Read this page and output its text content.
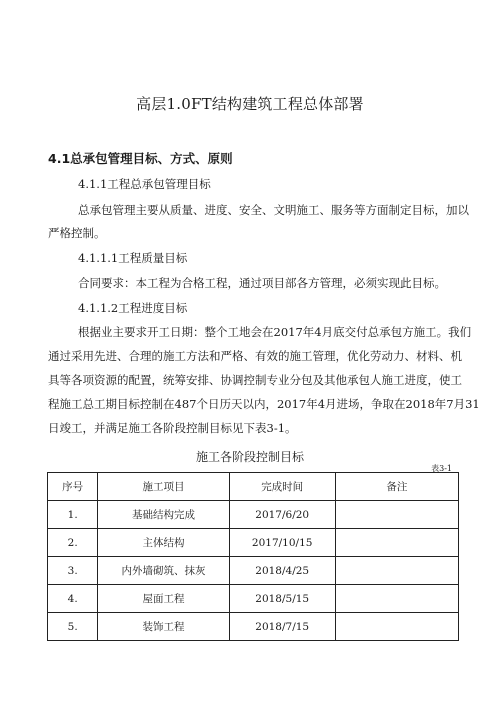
高层1.0FT结构建筑工程总体部署
4.1总承包管理目标、方式、原则
4.1.1工程总承包管理目标
总承包管理主要从质量、进度、安全、文明施工、服务等方面制定目标，加以
严格控制。
4.1.1.1工程质量目标
合同要求：本工程为合格工程，通过项目部各方管理，必须实现此目标。
4.1.1.2工程进度目标
根据业主要求开工日期：整个工地会在2017年4月底交付总承包方施工。我们
通过采用先进、合理的施工方法和严格、有效的施工管理，优化劳动力、材料、机
具等各项资源的配置，统筹安排、协调控制专业分包及其他承包人施工进度，使工
程施工总工期目标控制在487个日历天以内，2017年4月进场，争取在2018年7月31
日竣工，并满足施工各阶段控制目标见下表3-1。
施工各阶段控制目标
表3-1
序号	施工项目	完成时间	备注
1.	基础结构完成	2017/6/20	
2.	主体结构	2017/10/15	
3.	内外墙砌筑、抹灰	2018/4/25	
4.	屋面工程	2018/5/15	
5.	装饰工程	2018/7/15	
